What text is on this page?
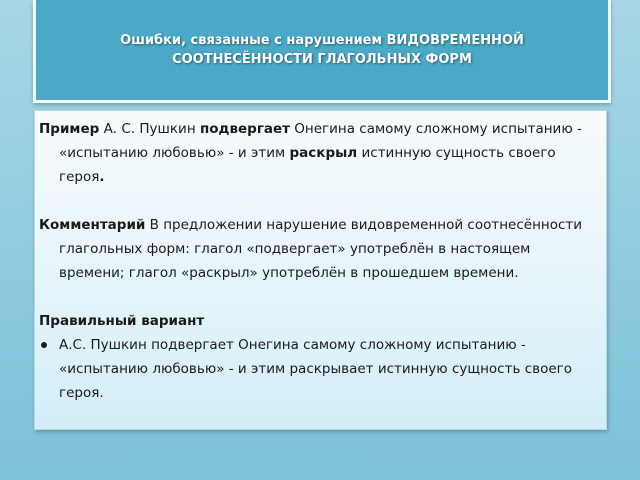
Ошибки, связанные с нарушением ВИДОВРЕМЕННОЙ
СООТНЕСЁННОСТИ ГЛАГОЛЬНЫХ ФОРМ

Пример А. С. Пушкин подвергает Онегина самому сложному испытанию - «испытанию любовью» - и этим раскрыл истинную сущность своего героя.

Комментарий В предложении нарушение видовременной соотнесённости глагольных форм: глагол «подвергает» употреблён в настоящем времени; глагол «раскрыл» употреблён в прошедшем времени.

Правильный вариант

А.С. Пушкин подвергает Онегина самому сложному испытанию - «испытанию любовью» - и этим раскрывает истинную сущность своего героя.
